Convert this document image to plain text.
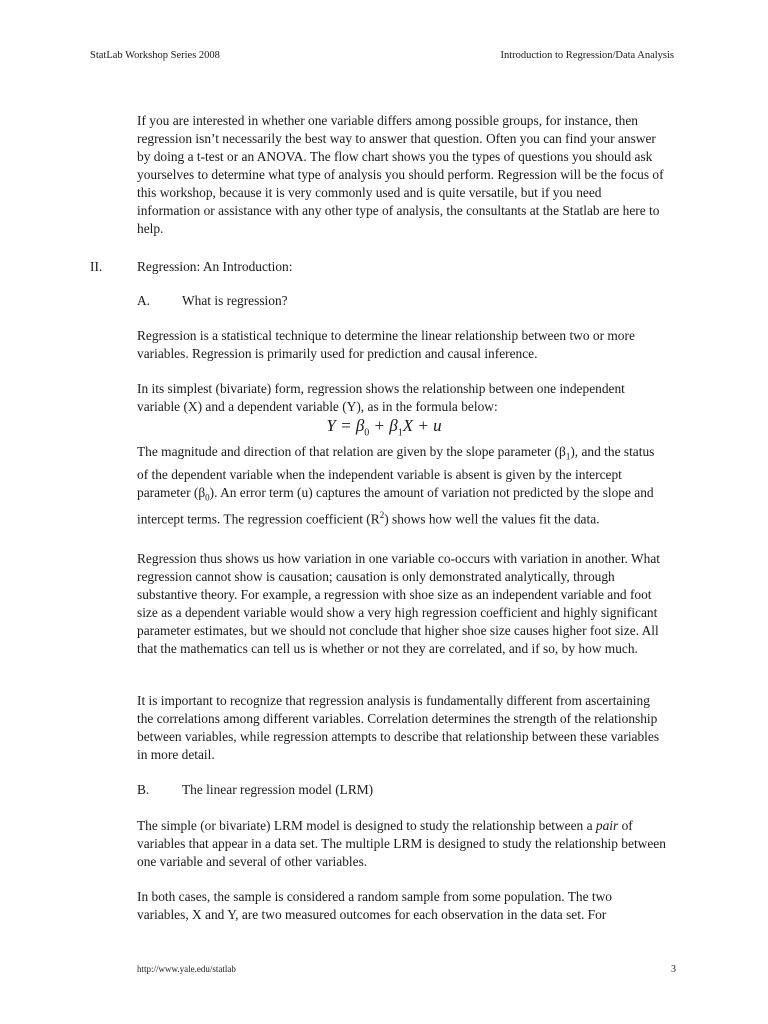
StatLab Workshop Series 2008	Introduction to Regression/Data Analysis

If you are interested in whether one variable differs among possible groups, for instance, then regression isn’t necessarily the best way to answer that question. Often you can find your answer by doing a t-test or an ANOVA. The flow chart shows you the types of questions you should ask yourselves to determine what type of analysis you should perform. Regression will be the focus of this workshop, because it is very commonly used and is quite versatile, but if you need information or assistance with any other type of analysis, the consultants at the Statlab are here to help.

II.	Regression: An Introduction:
A. What is regression?

Regression is a statistical technique to determine the linear relationship between two or more variables. Regression is primarily used for prediction and causal inference.

In its simplest (bivariate) form, regression shows the relationship between one independent variable (X) and a dependent variable (Y), as in the formula below:

$Y = \beta_0 + \beta_1X + u$

The magnitude and direction of that relation are given by the slope parameter $(\beta_1)$, and the status of the dependent variable when the independent variable is absent is given by the intercept parameter $(\beta_0)$. An error term (u) captures the amount of variation not predicted by the slope and intercept terms. The regression coefficient $(R^2)$ shows how well the values fit the data.

Regression thus shows us how variation in one variable co-occurs with variation in another. What regression cannot show is causation; causation is only demonstrated analytically, through substantive theory. For example, a regression with shoe size as an independent variable and foot size as a dependent variable would show a very high regression coefficient and highly significant parameter estimates, but we should not conclude that higher shoe size causes higher foot size. All that the mathematics can tell us is whether or not they are correlated, and if so, by how much.

It is important to recognize that regression analysis is fundamentally different from ascertaining the correlations among different variables. Correlation determines the strength of the relationship between variables, while regression attempts to describe that relationship between these variables in more detail.

B. The linear regression model (LRM)

The simple (or bivariate) LRM model is designed to study the relationship between a pair of variables that appear in a data set. The multiple LRM is designed to study the relationship between one variable and several of other variables.

In both cases, the sample is considered a random sample from some population. The two variables, X and Y, are two measured outcomes for each observation in the data set. For

http://www.yale.edu/statlab	3
